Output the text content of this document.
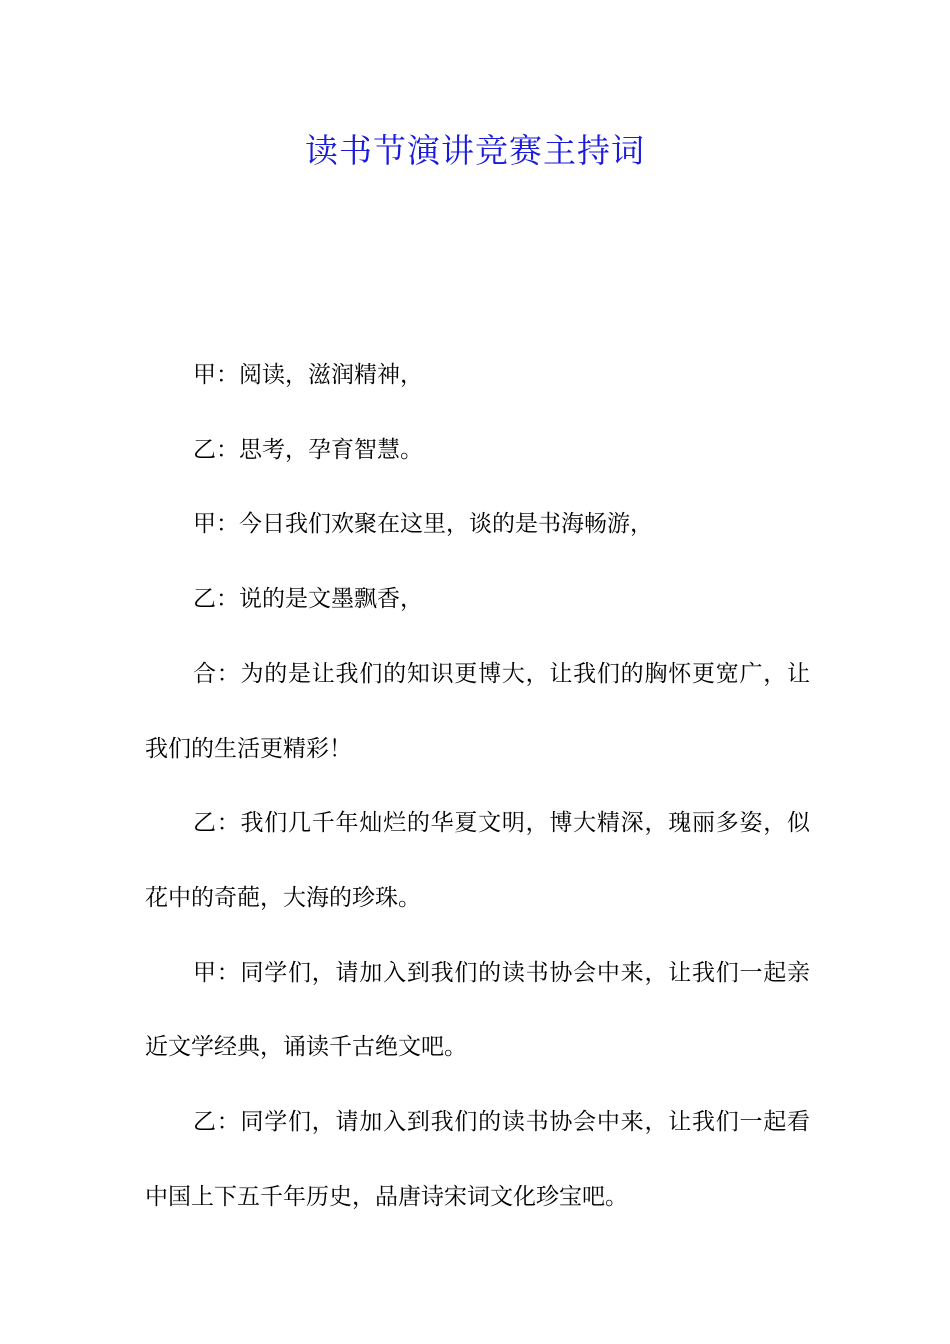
读书节演讲竞赛主持词

甲：阅读，滋润精神，

乙：思考，孕育智慧。

甲：今日我们欢聚在这里，谈的是书海畅游，

乙：说的是文墨飘香，

合：为的是让我们的知识更博大，让我们的胸怀更宽广，让我们的生活更精彩！

乙：我们几千年灿烂的华夏文明，博大精深，瑰丽多姿，似花中的奇葩，大海的珍珠。

甲：同学们，请加入到我们的读书协会中来，让我们一起亲近文学经典，诵读千古绝文吧。

乙：同学们，请加入到我们的读书协会中来，让我们一起看中国上下五千年历史，品唐诗宋词文化珍宝吧。
